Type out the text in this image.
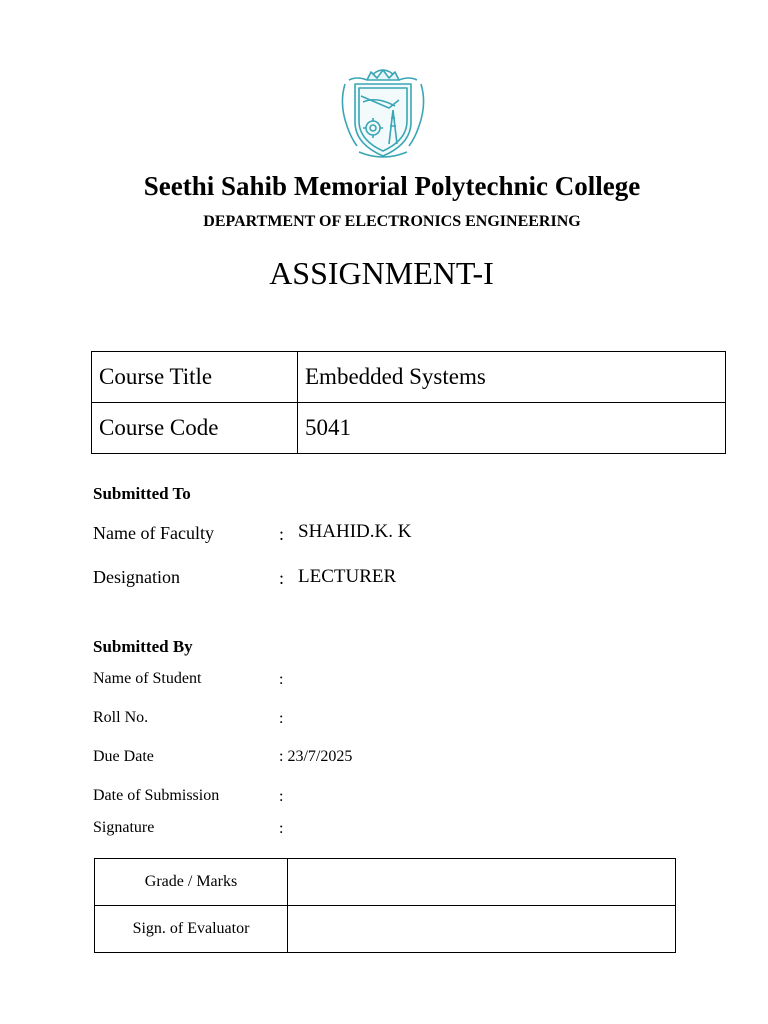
Seethi Sahib Memorial Polytechnic College
DEPARTMENT OF ELECTRONICS ENGINEERING
ASSIGNMENT-I
Course Title	Embedded Systems
Course Code	5041
Submitted To
Name of Faculty	: SHAHID.K. K
Designation	: LECTURER
Submitted By
Name of Student	:
Roll No.	:
Due Date	: 23/7/2025
Date of Submission	:
Signature	:
Grade / Marks	
Sign. of Evaluator	
